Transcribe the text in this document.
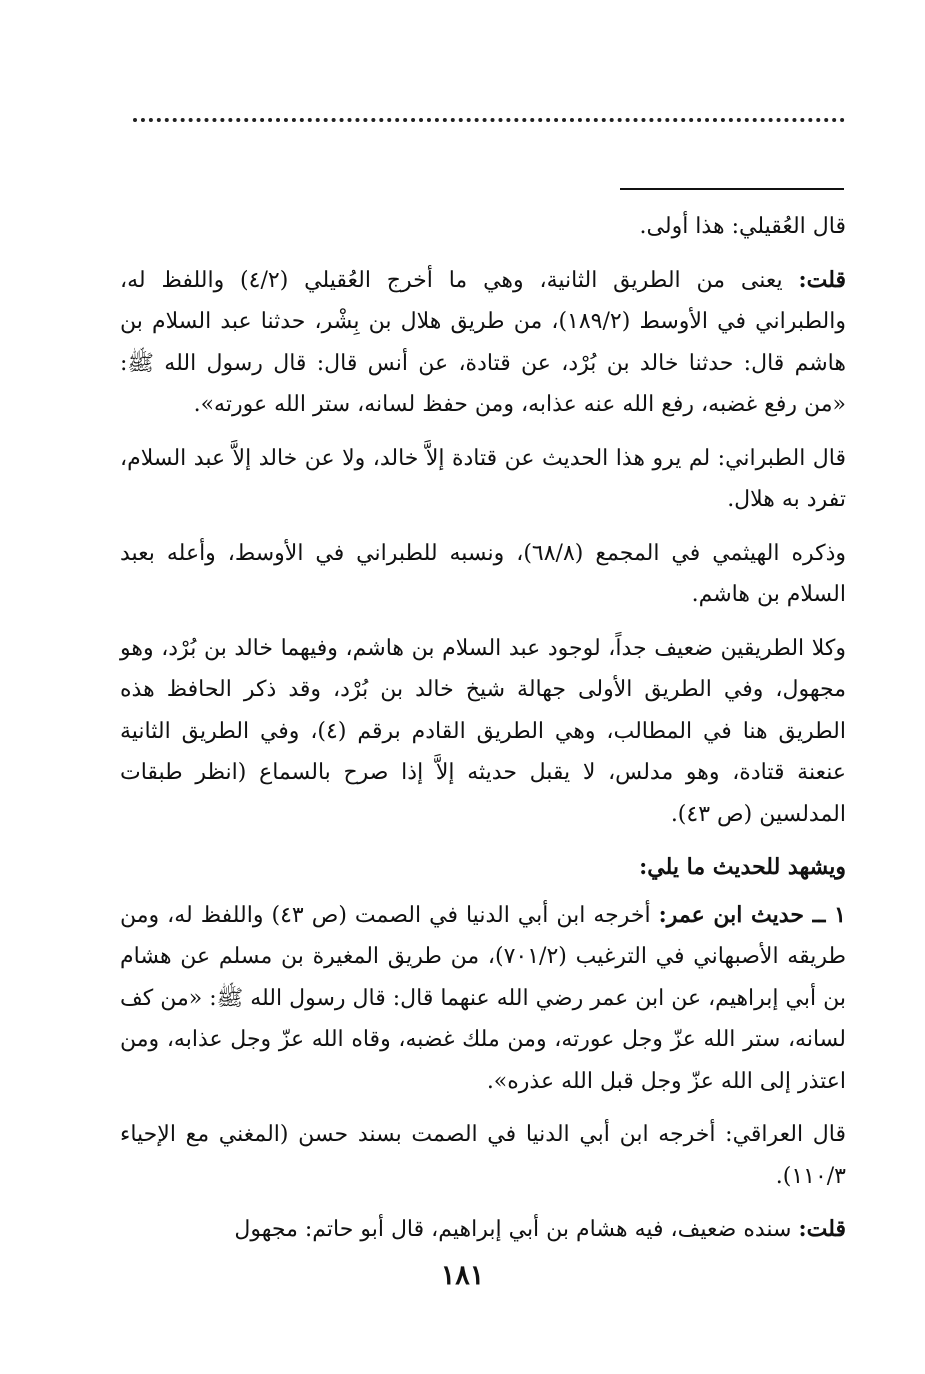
قال العُقيلي: هذا أولى.

قلت: يعنى من الطريق الثانية، وهي ما أخرج العُقيلي (٤/٢) واللفظ له، والطبراني في الأوسط (١٨٩/٢)، من طريق هلال بن بِشْر، حدثنا عبد السلام بن هاشم قال: حدثنا خالد بن بُرْد، عن قتادة، عن أنس قال: قال رسول الله ﷺ: «من رفع غضبه، رفع الله عنه عذابه، ومن حفظ لسانه، ستر الله عورته».

قال الطبراني: لم يرو هذا الحديث عن قتادة إلاَّ خالد، ولا عن خالد إلاَّ عبد السلام، تفرد به هلال.

وذكره الهيثمي في المجمع (٦٨/٨)، ونسبه للطبراني في الأوسط، وأعله بعبد السلام بن هاشم.

وكلا الطريقين ضعيف جداً، لوجود عبد السلام بن هاشم، وفيهما خالد بن بُرْد، وهو مجهول، وفي الطريق الأولى جهالة شيخ خالد بن بُرْد، وقد ذكر الحافظ هذه الطريق هنا في المطالب، وهي الطريق القادم برقم (٤)، وفي الطريق الثانية عنعنة قتادة، وهو مدلس، لا يقبل حديثه إلاَّ إذا صرح بالسماع (انظر طبقات المدلسين (ص ٤٣).

ويشهد للحديث ما يلي:

١ ــ حديث ابن عمر: أخرجه ابن أبي الدنيا في الصمت (ص ٤٣) واللفظ له، ومن طريقه الأصبهاني في الترغيب (٧٠١/٢)، من طريق المغيرة بن مسلم عن هشام بن أبي إبراهيم، عن ابن عمر رضي الله عنهما قال: قال رسول الله ﷺ: «من كف لسانه، ستر الله عزّ وجل عورته، ومن ملك غضبه، وقاه الله عزّ وجل عذابه، ومن اعتذر إلى الله عزّ وجل قبل الله عذره».

قال العراقي: أخرجه ابن أبي الدنيا في الصمت بسند حسن (المغني مع الإحياء ١١٠/٣).

قلت: سنده ضعيف، فيه هشام بن أبي إبراهيم، قال أبو حاتم: مجهول

١٨١
